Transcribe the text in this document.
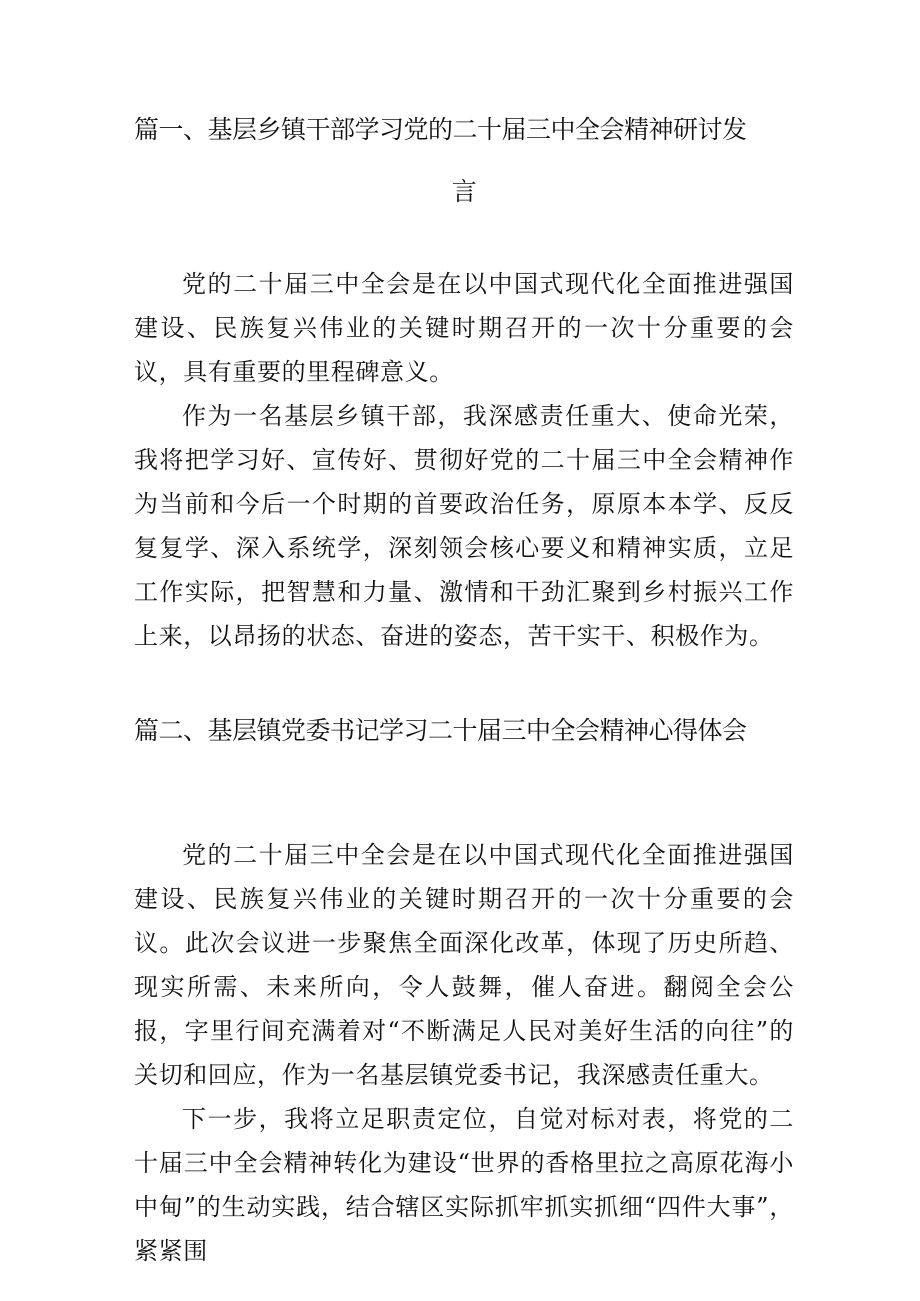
篇一、基层乡镇干部学习党的二十届三中全会精神研讨发
言

党的二十届三中全会是在以中国式现代化全面推进强国建设、民族复兴伟业的关键时期召开的一次十分重要的会议，具有重要的里程碑意义。

作为一名基层乡镇干部，我深感责任重大、使命光荣，我将把学习好、宣传好、贯彻好党的二十届三中全会精神作为当前和今后一个时期的首要政治任务，原原本本学、反反复复学、深入系统学，深刻领会核心要义和精神实质，立足工作实际，把智慧和力量、激情和干劲汇聚到乡村振兴工作上来，以昂扬的状态、奋进的姿态，苦干实干、积极作为。

篇二、基层镇党委书记学习二十届三中全会精神心得体会

党的二十届三中全会是在以中国式现代化全面推进强国建设、民族复兴伟业的关键时期召开的一次十分重要的会议。此次会议进一步聚焦全面深化改革，体现了历史所趋、现实所需、未来所向，令人鼓舞，催人奋进。翻阅全会公报，字里行间充满着对“不断满足人民对美好生活的向往”的关切和回应，作为一名基层镇党委书记，我深感责任重大。

下一步，我将立足职责定位，自觉对标对表，将党的二十届三中全会精神转化为建设“世界的香格里拉之高原花海小中甸”的生动实践，结合辖区实际抓牢抓实抓细“四件大事”，紧紧围
